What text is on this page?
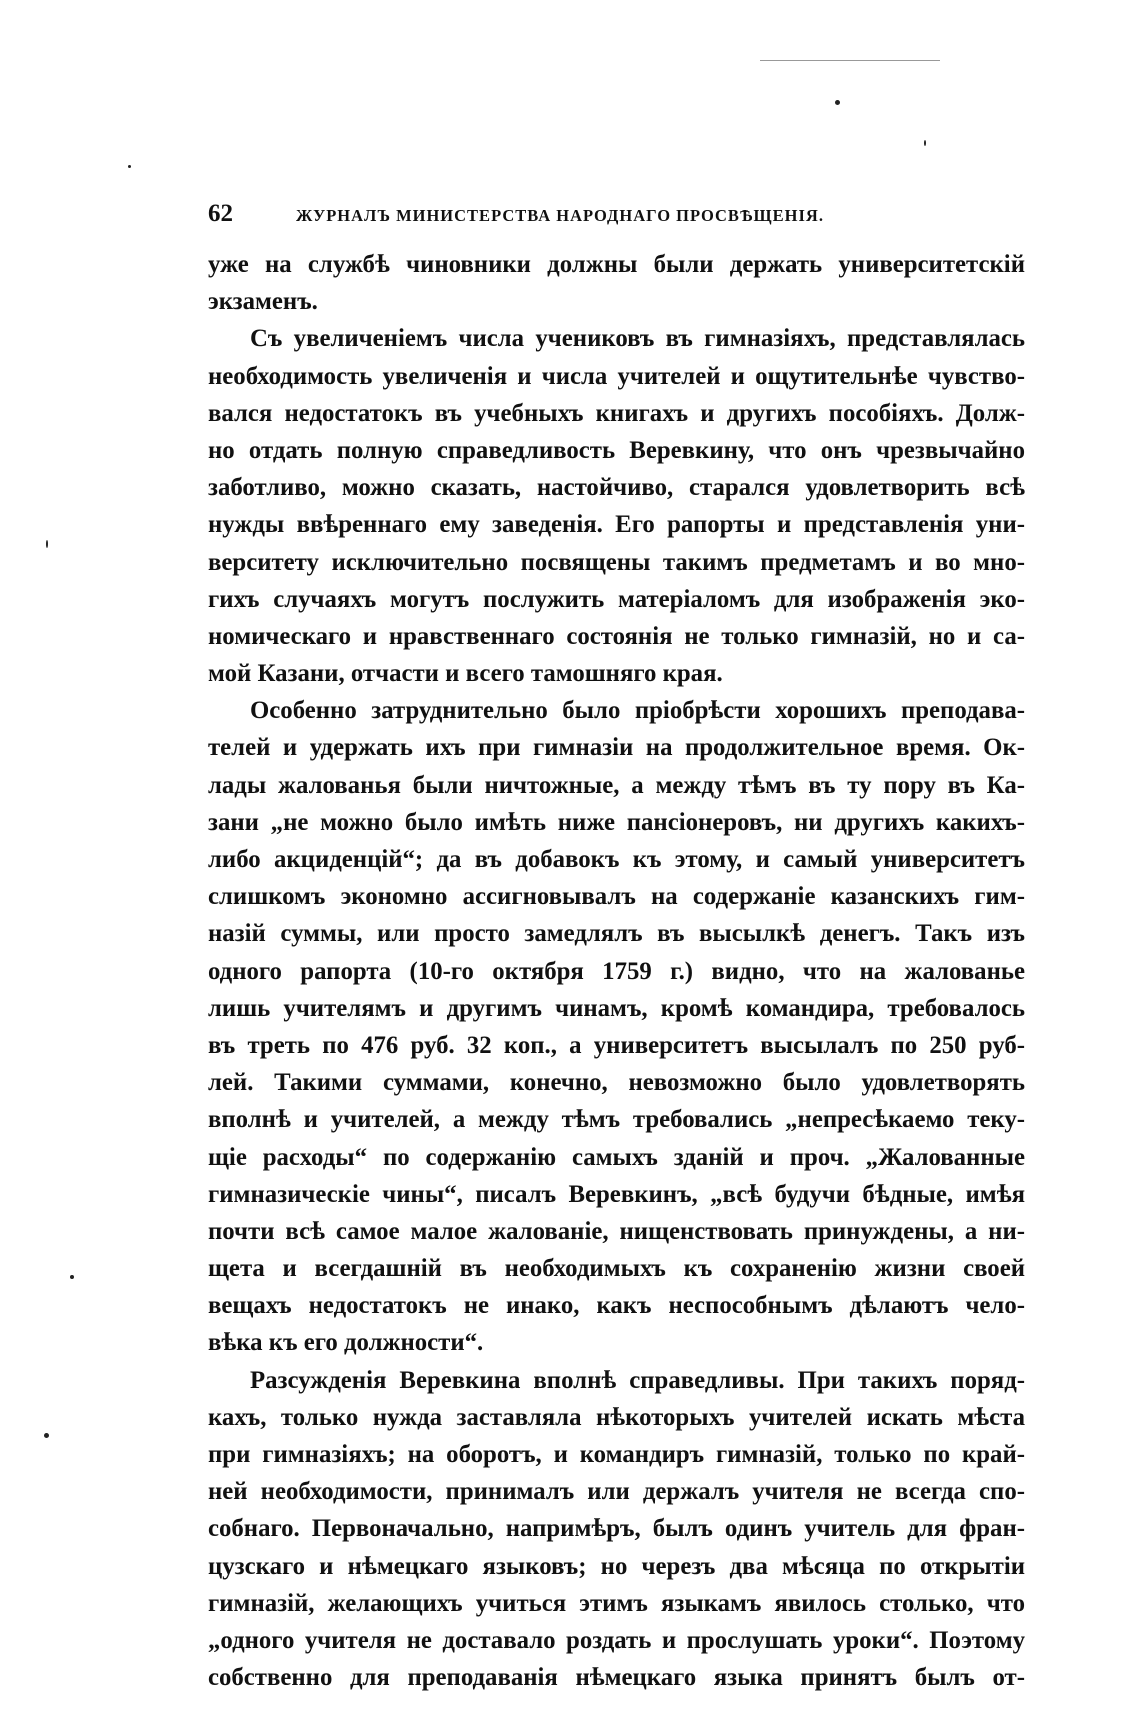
62	ЖУРНАЛЪ МИНИСТЕРСТВА НАРОДНАГО ПРОСВѢЩЕНІЯ.
уже на службѣ чиновники должны были держать университетскій
экзаменъ.
Съ увеличеніемъ числа учениковъ въ гимназіяхъ, представлялась
необходимость увеличенія и числа учителей и ощутительнѣе чувство-
вался недостатокъ въ учебныхъ книгахъ и другихъ пособіяхъ. Долж-
но отдать полную справедливость Веревкину, что онъ чрезвычайно
заботливо, можно сказать, настойчиво, старался удовлетворить всѣ
нужды ввѣреннаго ему заведенія. Его рапорты и представленія уни-
верситету исключительно посвящены такимъ предметамъ и во мно-
гихъ случаяхъ могутъ послужить матеріаломъ для изображенія эко-
номическаго и нравственнаго состоянія не только гимназій, но и са-
мой Казани, отчасти и всего тамошняго края.
Особенно затруднительно было пріобрѣсти хорошихъ преподава-
телей и удержать ихъ при гимназіи на продолжительное время. Ок-
лады жалованья были ничтожные, а между тѣмъ въ ту пору въ Ка-
зани „не можно было имѣть ниже пансіонеровъ, ни другихъ какихъ-
либо акциденцій“; да въ добавокъ къ этому, и самый университетъ
слишкомъ экономно ассигновывалъ на содержаніе казанскихъ гим-
назій суммы, или просто замедлялъ въ высылкѣ денегъ. Такъ изъ
одного рапорта (10-го октября 1759 г.) видно, что на жалованье
лишь учителямъ и другимъ чинамъ, кромѣ командира, требовалось
въ треть по 476 руб. 32 коп., а университетъ высылалъ по 250 руб-
лей. Такими суммами, конечно, невозможно было удовлетворять
вполнѣ и учителей, а между тѣмъ требовались „непресѣкаемо теку-
щіе расходы“ по содержанію самыхъ зданій и проч. „Жалованные
гимназическіе чины“, писалъ Веревкинъ, „всѣ будучи бѣдные, имѣя
почти всѣ самое малое жалованіе, нищенствовать принуждены, а ни-
щета и всегдашній въ необходимыхъ къ сохраненію жизни своей
вещахъ недостатокъ не инако, какъ неспособнымъ дѣлаютъ чело-
вѣка къ его должности“.
Разсужденія Веревкина вполнѣ справедливы. При такихъ поряд-
кахъ, только нужда заставляла нѣкоторыхъ учителей искать мѣста
при гимназіяхъ; на оборотъ, и командиръ гимназій, только по край-
ней необходимости, принималъ или держалъ учителя не всегда спо-
собнаго. Первоначально, напримѣръ, былъ одинъ учитель для фран-
цузскаго и нѣмецкаго языковъ; но черезъ два мѣсяца по открытіи
гимназій, желающихъ учиться этимъ языкамъ явилось столько, что
„одного учителя не доставало роздать и прослушать уроки“. Поэтому
собственно для преподаванія нѣмецкаго языка принятъ былъ от-
